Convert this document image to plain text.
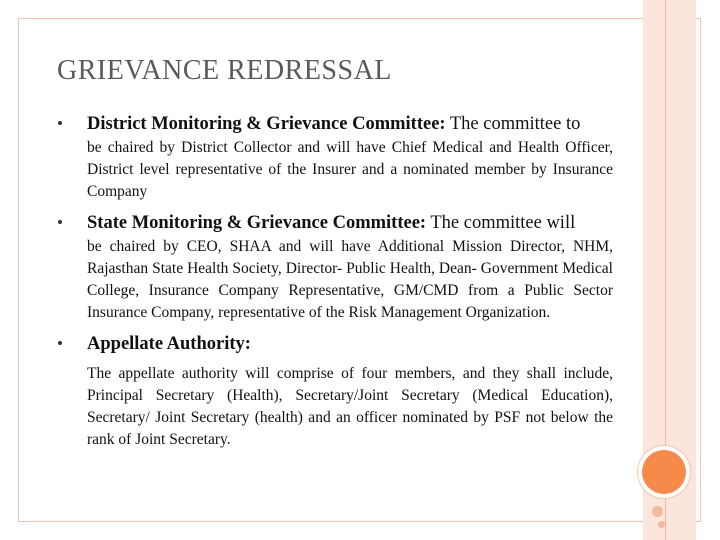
GRIEVANCE REDRESSAL
District Monitoring & Grievance Committee: The committee to
be chaired by District Collector and will have Chief Medical and Health Officer, District level representative of the Insurer and a nominated member by Insurance Company
State Monitoring & Grievance Committee: The committee will
be chaired by CEO, SHAA and will have Additional Mission Director, NHM, Rajasthan State Health Society, Director- Public Health, Dean- Government Medical College, Insurance Company Representative, GM/CMD from a Public Sector Insurance Company, representative of the Risk Management Organization.
Appellate Authority:
The appellate authority will comprise of four members, and they shall include, Principal Secretary (Health), Secretary/Joint Secretary (Medical Education), Secretary/ Joint Secretary (health) and an officer nominated by PSF not below the rank of Joint Secretary.
